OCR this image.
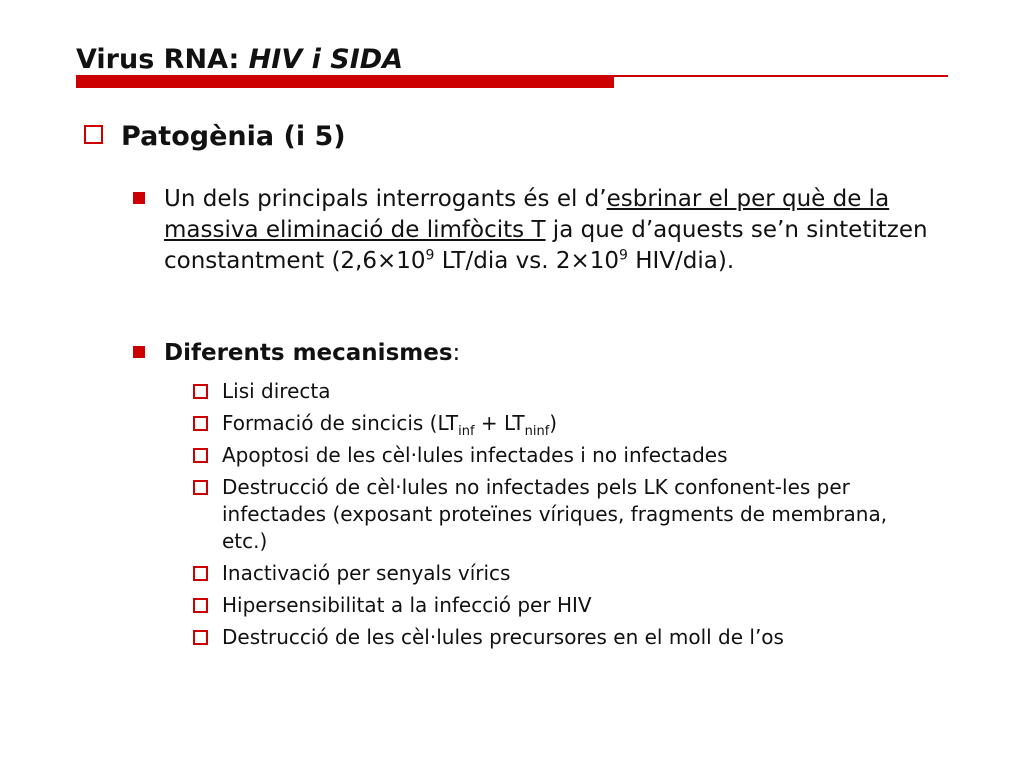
Virus RNA: HIV i SIDA
Patogènia (i 5)

Un dels principals interrogants és el d’esbrinar el per què de la massiva eliminació de limfòcits T ja que d’aquests se’n sintetitzen constantment ($2,6\times 10^9$ LT/dia vs. $2\times 10^9$ HIV/dia).

Diferents mecanismes:

Lisi directa
Formació de sincicis $(LT_{inf} + LT_{ninf})$
Apoptosi de les cèl·lules infectades i no infectades
Destrucció de cèl·lules no infectades pels LK confonent-les per infectades (exposant proteïnes víriques, fragments de membrana, etc.)
Inactivació per senyals vírics
Hipersensibilitat a la infecció per HIV
Destrucció de les cèl·lules precursores en el moll de l’os
